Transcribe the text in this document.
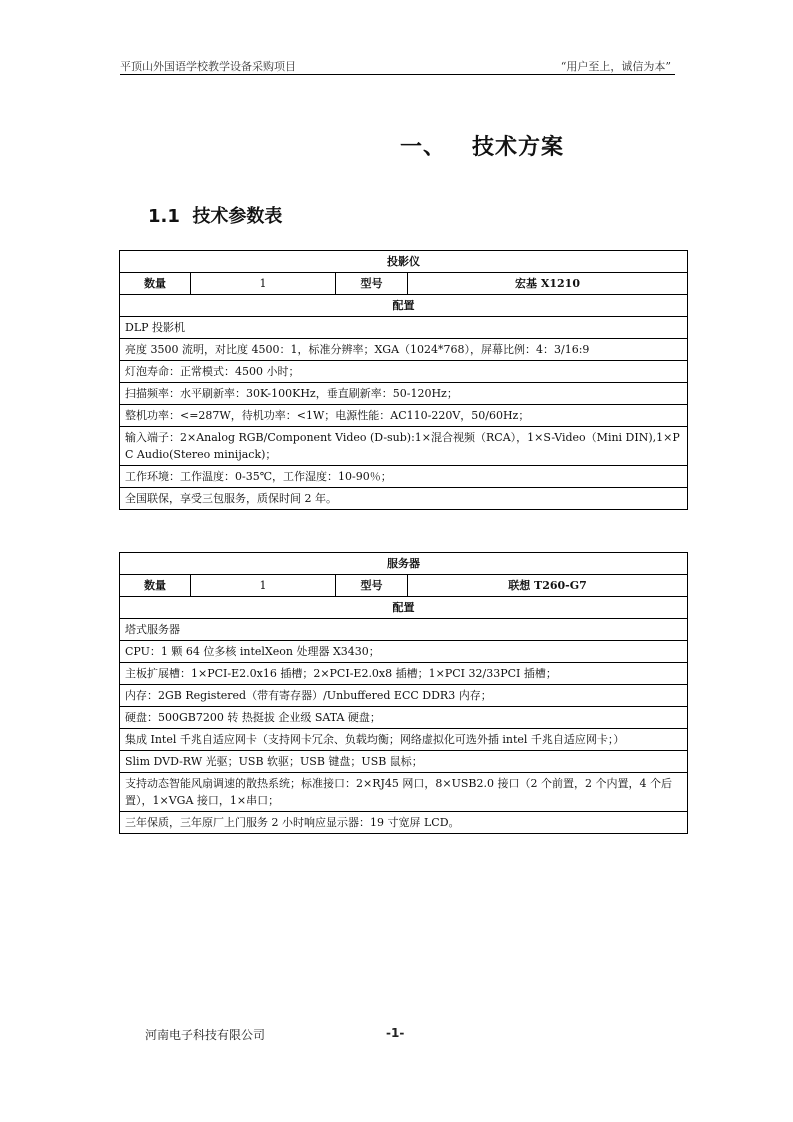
平顶山外国语学校教学设备采购项目	“用户至上，诚信为本”
一、 技术方案
1.1 技术参数表
投影仪
数量	1	型号	宏基 X1210
配置
DLP 投影机
亮度 3500 流明，对比度 4500：1，标准分辨率；XGA（1024*768），屏幕比例：4：3/16:9
灯泡寿命：正常模式：4500 小时；
扫描频率：水平刷新率：30K-100KHz，垂直刷新率：50-120Hz；
整机功率：<=287W，待机功率：<1W；电源性能：AC110-220V，50/60Hz；
输入端子：2×Analog RGB/Component Video (D-sub):1×混合视频（RCA），1×S-Video（Mini DIN),1×PC Audio(Stereo minijack)；
工作环境：工作温度：0-35℃，工作湿度：10-90％；
全国联保，享受三包服务，质保时间 2 年。
服务器
数量	1	型号	联想 T260-G7
配置
塔式服务器
CPU：1 颗 64 位多核 intelXeon 处理器 X3430；
主板扩展槽：1×PCI-E2.0x16 插槽；2×PCI-E2.0x8 插槽；1×PCI 32/33PCI 插槽；
内存：2GB Registered（带有寄存器）/Unbuffered ECC DDR3 内存；
硬盘：500GB7200 转 热挺拔 企业级 SATA 硬盘；
集成 Intel 千兆自适应网卡（支持网卡冗余、负载均衡；网络虚拟化可选外插 intel 千兆自适应网卡；）
Slim DVD-RW 光驱；USB 软驱；USB 键盘；USB 鼠标；
支持动态智能风扇调速的散热系统；标准接口：2×RJ45 网口，8×USB2.0 接口（2 个前置，2 个内置，4 个后置），1×VGA 接口，1×串口；
三年保质，三年原厂上门服务 2 小时响应显示器：19 寸宽屏 LCD。
河南电子科技有限公司	-1-
